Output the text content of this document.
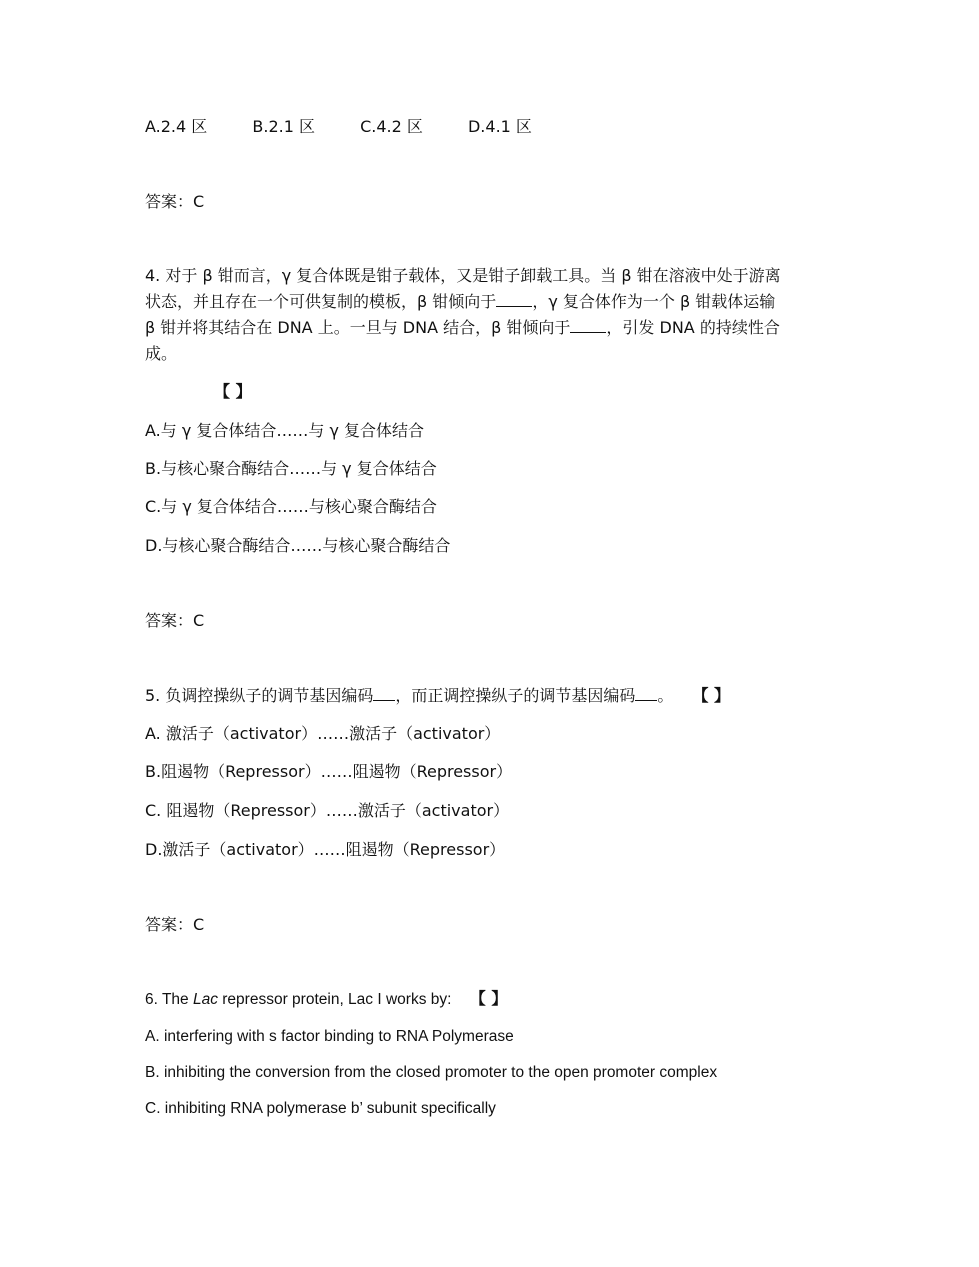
A.2.4 区	B.2.1 区	C.4.2 区	D.4.1 区
答案：C
4. 对于 β 钳而言，γ 复合体既是钳子载体，又是钳子卸载工具。当 β 钳在溶液中处于游离
状态，并且存在一个可供复制的模板，β 钳倾向于 ，γ 复合体作为一个 β 钳载体运输
β 钳并将其结合在 DNA 上。一旦与 DNA 结合，β 钳倾向于 ，引发 DNA 的持续性合
成。
【 】
A.与 γ 复合体结合……与 γ 复合体结合
B.与核心聚合酶结合……与 γ 复合体结合
C.与 γ 复合体结合……与核心聚合酶结合
D.与核心聚合酶结合……与核心聚合酶结合
答案：C
5. 负调控操纵子的调节基因编码 ，而正调控操纵子的调节基因编码 。 【 】
A. 激活子（activator）……激活子（activator）
B.阻遏物（Repressor）……阻遏物（Repressor）
C. 阻遏物（Repressor）……激活子（activator）
D.激活子（activator）……阻遏物（Repressor）
答案：C
6. The Lac repressor protein, Lac I works by: 【 】
A. interfering with s factor binding to RNA Polymerase
B. inhibiting the conversion from the closed promoter to the open promoter complex
C. inhibiting RNA polymerase b’ subunit specifically
